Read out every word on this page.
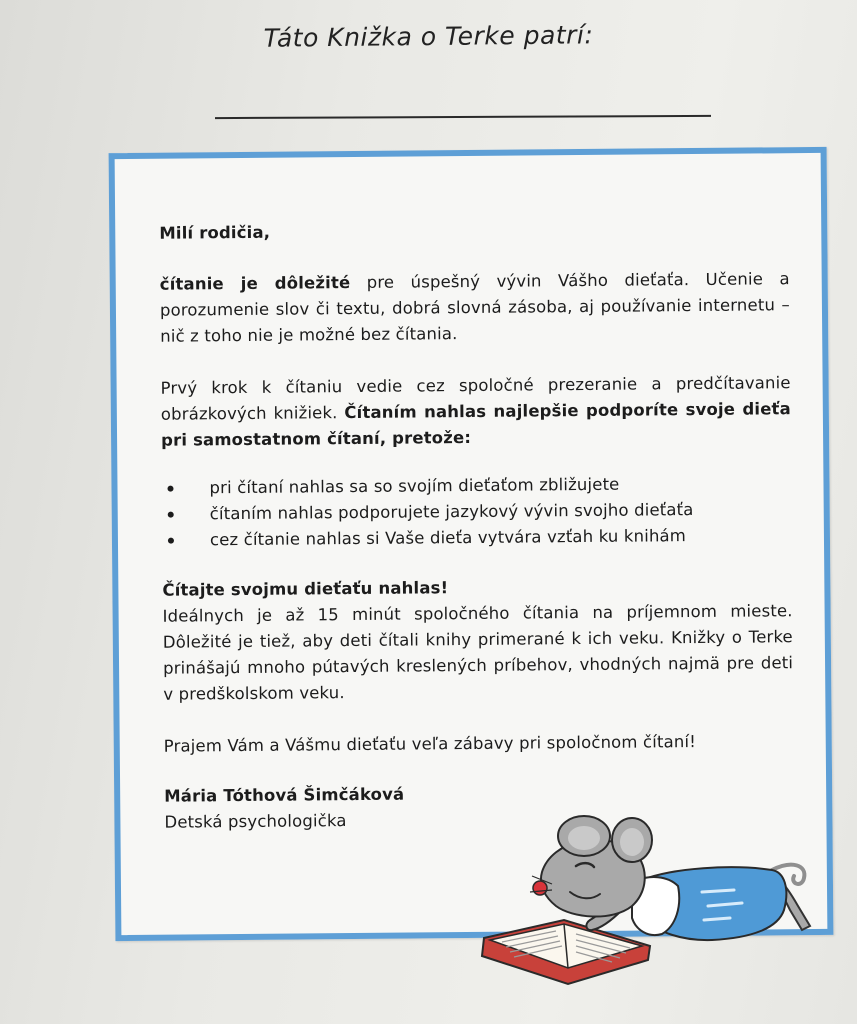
Táto Knižka o Terke patrí:

Milí rodičia,

čítanie je dôležité pre úspešný vývin Vášho dieťaťa. Učenie a porozumenie slov či textu, dobrá slovná zásoba, aj používanie internetu – nič z toho nie je možné bez čítania.

Prvý krok k čítaniu vedie cez spoločné prezeranie a predčítavanie obrázkových knižiek. Čítaním nahlas najlepšie podporíte svoje dieťa pri samostatnom čítaní, pretože:

pri čítaní nahlas sa so svojím dieťaťom zbližujete
čítaním nahlas podporujete jazykový vývin svojho dieťaťa
cez čítanie nahlas si Vaše dieťa vytvára vzťah ku knihám

Čítajte svojmu dieťaťu nahlas!
Ideálnych je až 15 minút spoločného čítania na príjemnom mieste. Dôležité je tiež, aby deti čítali knihy primerané k ich veku. Knižky o Terke prinášajú mnoho pútavých kreslených príbehov, vhodných najmä pre deti v predškolskom veku.

Prajem Vám a Vášmu dieťaťu veľa zábavy pri spoločnom čítaní!

Mária Tóthová Šimčáková
Detská psychologička
